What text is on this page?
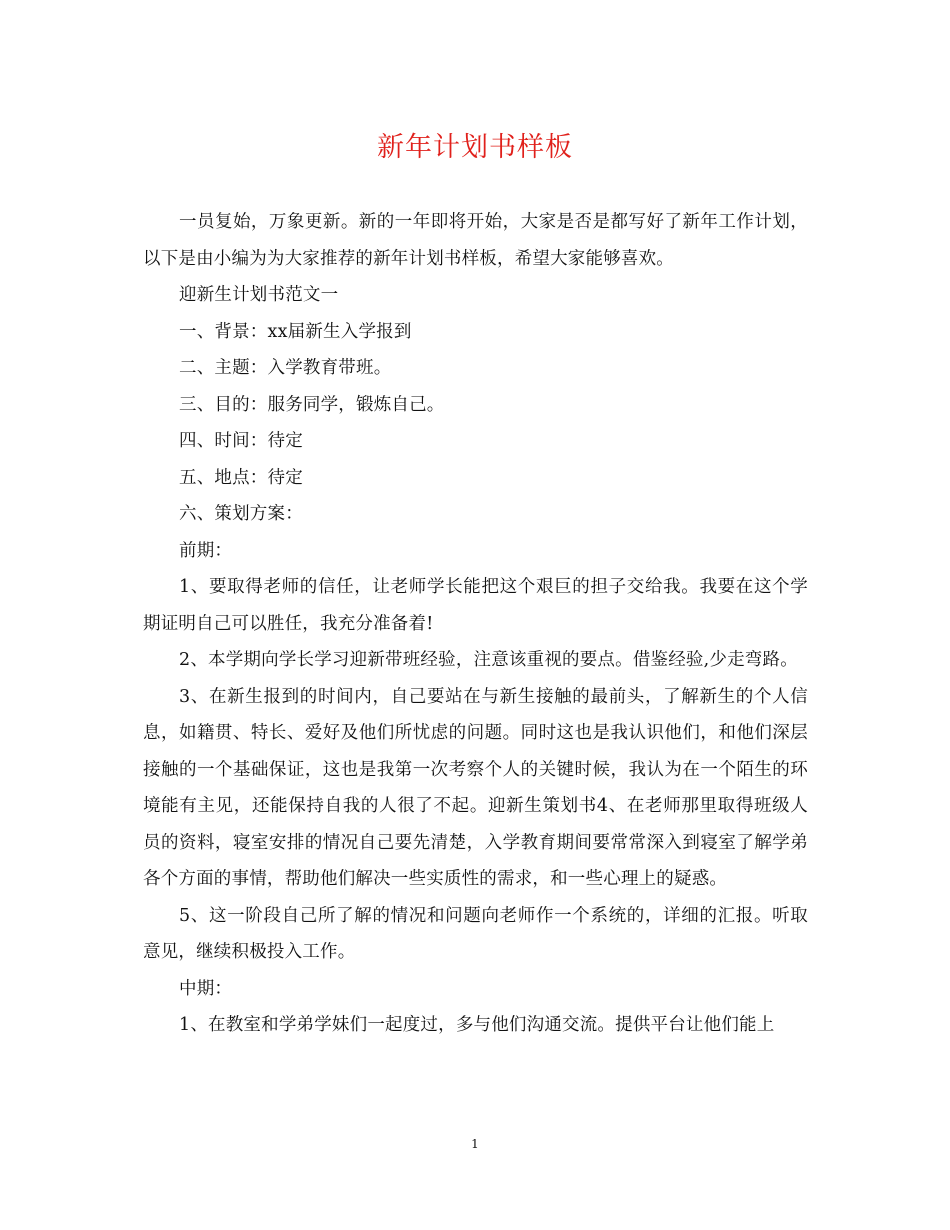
新年计划书样板

一员复始，万象更新。新的一年即将开始，大家是否是都写好了新年工作计划，以下是由小编为为大家推荐的新年计划书样板，希望大家能够喜欢。

迎新生计划书范文一

一、背景：xx届新生入学报到

二、主题：入学教育带班。

三、目的：服务同学，锻炼自己。

四、时间：待定

五、地点：待定

六、策划方案：

前期：

1、要取得老师的信任，让老师学长能把这个艰巨的担子交给我。我要在这个学期证明自己可以胜任，我充分准备着!

2、本学期向学长学习迎新带班经验，注意该重视的要点。借鉴经验,少走弯路。

3、在新生报到的时间内，自己要站在与新生接触的最前头，了解新生的个人信息，如籍贯、特长、爱好及他们所忧虑的问题。同时这也是我认识他们，和他们深层接触的一个基础保证，这也是我第一次考察个人的关键时候，我认为在一个陌生的环境能有主见，还能保持自我的人很了不起。迎新生策划书4、在老师那里取得班级人员的资料，寝室安排的情况自己要先清楚，入学教育期间要常常深入到寝室了解学弟各个方面的事情，帮助他们解决一些实质性的需求，和一些心理上的疑惑。

5、这一阶段自己所了解的情况和问题向老师作一个系统的，详细的汇报。听取意见，继续积极投入工作。

中期：

1、在教室和学弟学妹们一起度过，多与他们沟通交流。提供平台让他们能上

1
